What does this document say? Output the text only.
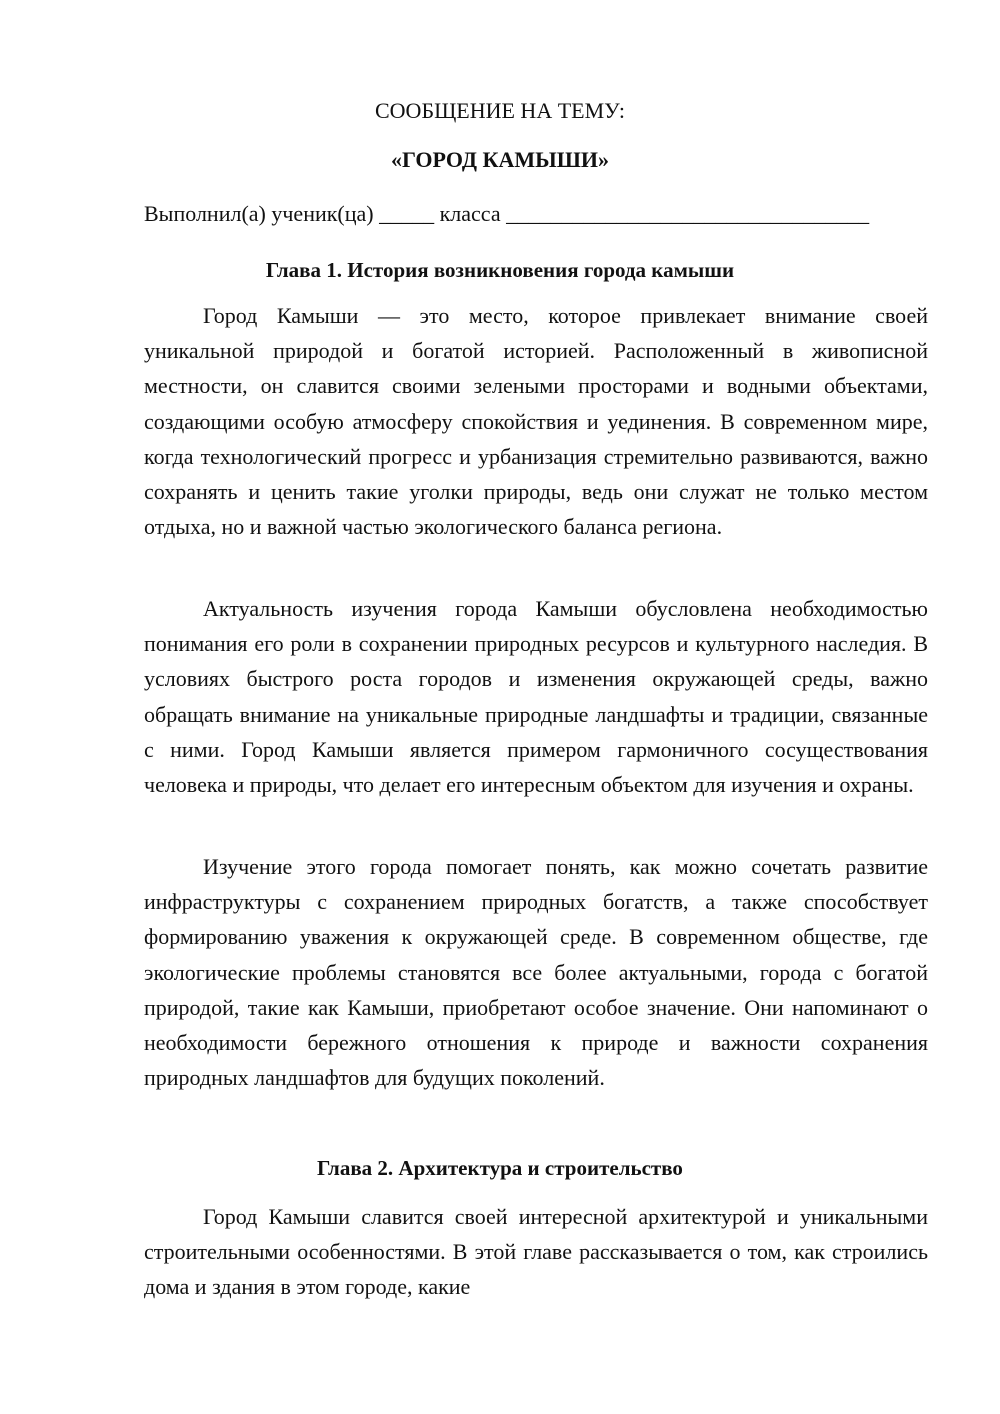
СООБЩЕНИЕ НА ТЕМУ:
«ГОРОД КАМЫШИ»
Выполнил(а) ученик(ца) _____ класса _________________________________
Глава 1. История возникновения города камыши

Город Камыши — это место, которое привлекает внимание своей уникальной природой и богатой историей. Расположенный в живописной местности, он славится своими зелеными просторами и водными объектами, создающими особую атмосферу спокойствия и уединения. В современном мире, когда технологический прогресс и урбанизация стремительно развиваются, важно сохранять и ценить такие уголки природы, ведь они служат не только местом отдыха, но и важной частью экологического баланса региона.

Актуальность изучения города Камыши обусловлена необходимостью понимания его роли в сохранении природных ресурсов и культурного наследия. В условиях быстрого роста городов и изменения окружающей среды, важно обращать внимание на уникальные природные ландшафты и традиции, связанные с ними. Город Камыши является примером гармоничного сосуществования человека и природы, что делает его интересным объектом для изучения и охраны.

Изучение этого города помогает понять, как можно сочетать развитие инфраструктуры с сохранением природных богатств, а также способствует формированию уважения к окружающей среде. В современном обществе, где экологические проблемы становятся все более актуальными, города с богатой природой, такие как Камыши, приобретают особое значение. Они напоминают о необходимости бережного отношения к природе и важности сохранения природных ландшафтов для будущих поколений.

Глава 2. Архитектура и строительство

Город Камыши славится своей интересной архитектурой и уникальными строительными особенностями. В этой главе рассказывается о том, как строились дома и здания в этом городе, какие
